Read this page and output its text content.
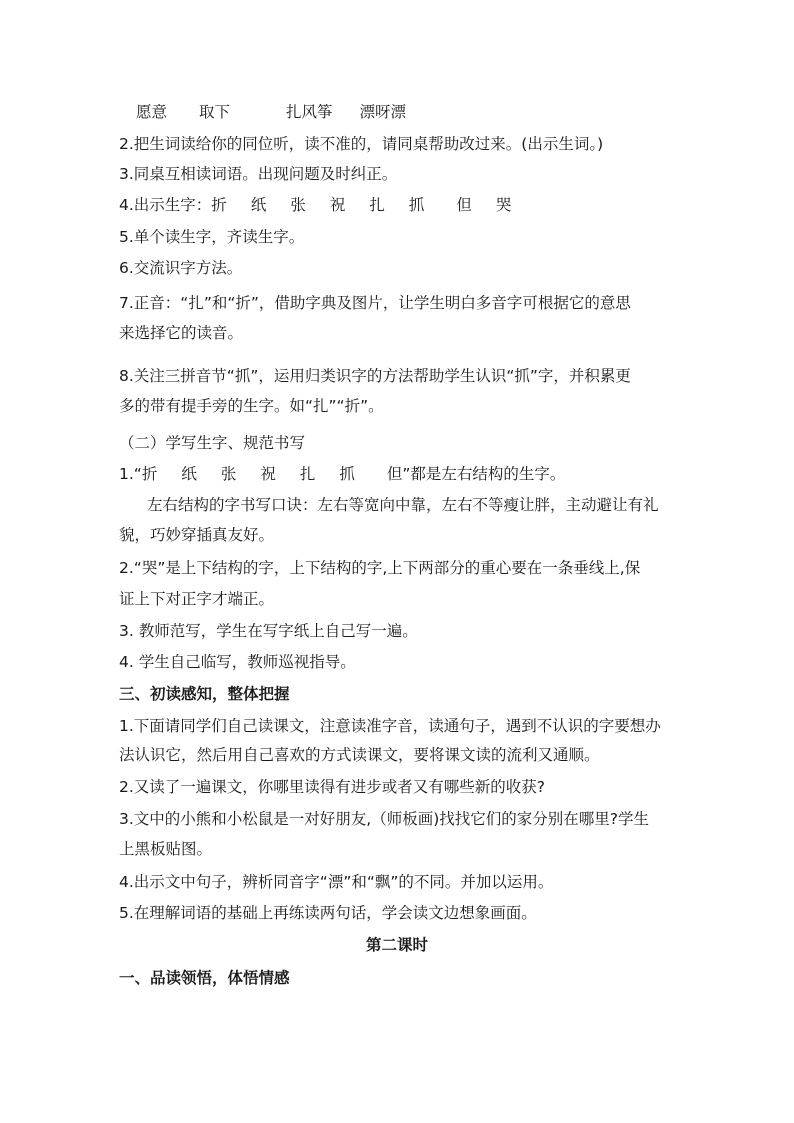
愿意 取下	扎风筝 漂呀漂
2.把生词读给你的同位听，读不准的，请同桌帮助改过来。(出示生词。)
3.同桌互相读词语。出现问题及时纠正。
4.出示生字：折 纸 张 祝 扎 抓 但 哭
5.单个读生字，齐读生字。
6.交流识字方法。
7.正音：“扎”和“折”，借助字典及图片，让学生明白多音字可根据它的意思
来选择它的读音。
8.关注三拼音节“抓”，运用归类识字的方法帮助学生认识“抓”字，并积累更
多的带有提手旁的生字。如“扎”“折”。
（二）学写生字、规范书写
1.“折 纸 张 祝 扎 抓 但”都是左右结构的生字。
左右结构的字书写口诀：左右等宽向中靠，左右不等瘦让胖，主动避让有礼
貌，巧妙穿插真友好。
2.“哭”是上下结构的字，上下结构的字,上下两部分的重心要在一条垂线上,保
证上下对正字才端正。
3. 教师范写，学生在写字纸上自己写一遍。
4. 学生自己临写，教师巡视指导。
三、初读感知，整体把握
1.下面请同学们自己读课文，注意读准字音，读通句子，遇到不认识的字要想办
法认识它，然后用自己喜欢的方式读课文，要将课文读的流利又通顺。
2.又读了一遍课文，你哪里读得有进步或者又有哪些新的收获?
3.文中的小熊和小松鼠是一对好朋友,（师板画)找找它们的家分别在哪里?学生
上黑板贴图。
4.出示文中句子，辨析同音字“漂”和“飘”的不同。并加以运用。
5.在理解词语的基础上再练读两句话，学会读文边想象画面。
第二课时
一、品读领悟，体悟情感
